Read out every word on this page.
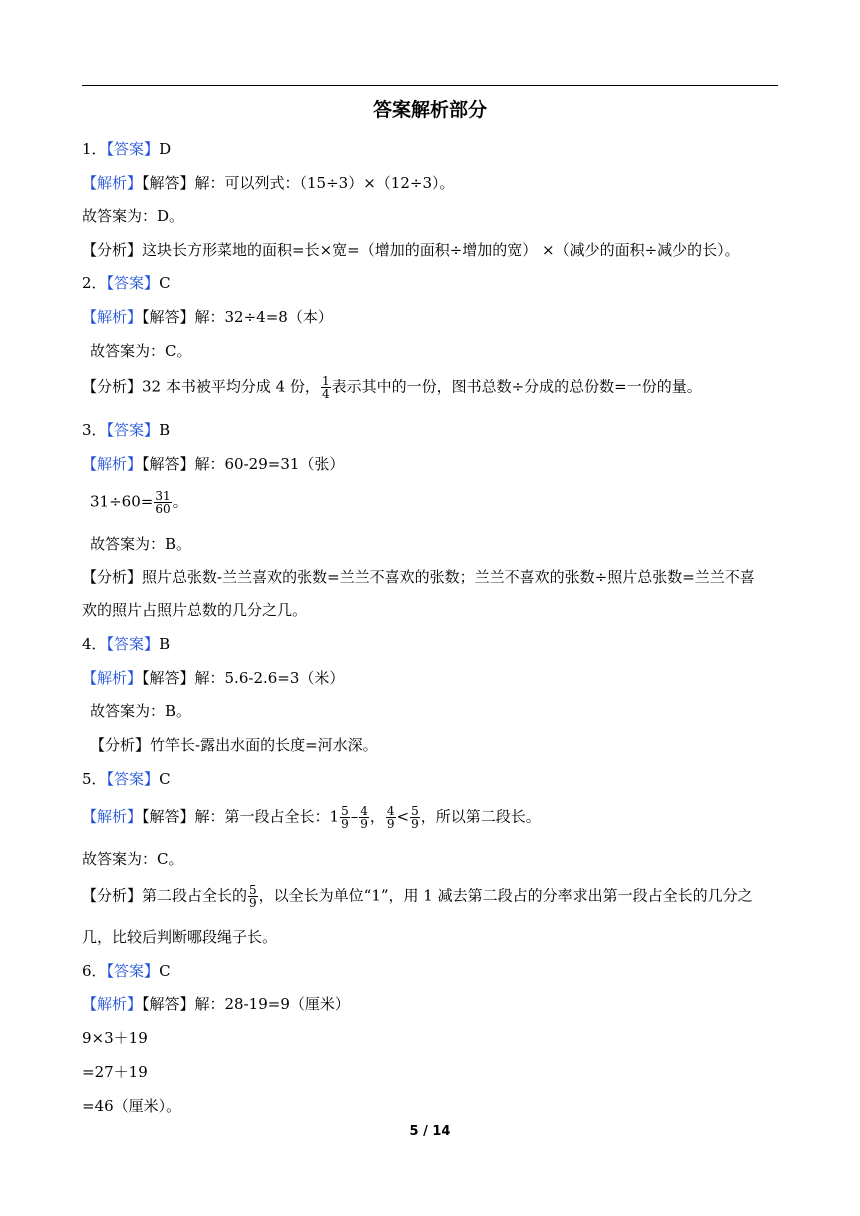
答案解析部分
1．【答案】D
【解析】【解答】解：可以列式：（15÷3）×（12÷3）。
故答案为：D。
【分析】这块长方形菜地的面积=长×宽=（增加的面积÷增加的宽） ×（减少的面积÷减少的长）。
2．【答案】C
【解析】【解答】解：32÷4=8（本）
故答案为：C。
【分析】32 本书被平均分成 4 份， $\frac{1}{4}$ 表示其中的一份，图书总数÷分成的总份数=一份的量。
3．【答案】B
【解析】【解答】解：60-29=31（张）
$31\div 60= \frac{31}{60}$ 。
故答案为：B。
【分析】照片总张数-兰兰喜欢的张数=兰兰不喜欢的张数；兰兰不喜欢的张数÷照片总张数=兰兰不喜
欢的照片占照片总数的几分之几。
4．【答案】B
【解析】【解答】解：5.6-2.6=3（米）
故答案为：B。
【分析】竹竿长-露出水面的长度=河水深。
5．【答案】C
【解析】【解答】解：第一段占全长：$1 \frac{5}{9} - \frac{4}{9}$ ， $\frac{4}{9} < \frac{5}{9}$ ，所以第二段长。
故答案为：C。
【分析】第二段占全长的 $\frac{5}{9}$ ，以全长为单位“1”，用 1 减去第二段占的分率求出第一段占全长的几分之
几，比较后判断哪段绳子长。
6．【答案】C
【解析】【解答】解：28-19=9（厘米）
9×3＋19
=27＋19
=46（厘米）。
5 / 14
